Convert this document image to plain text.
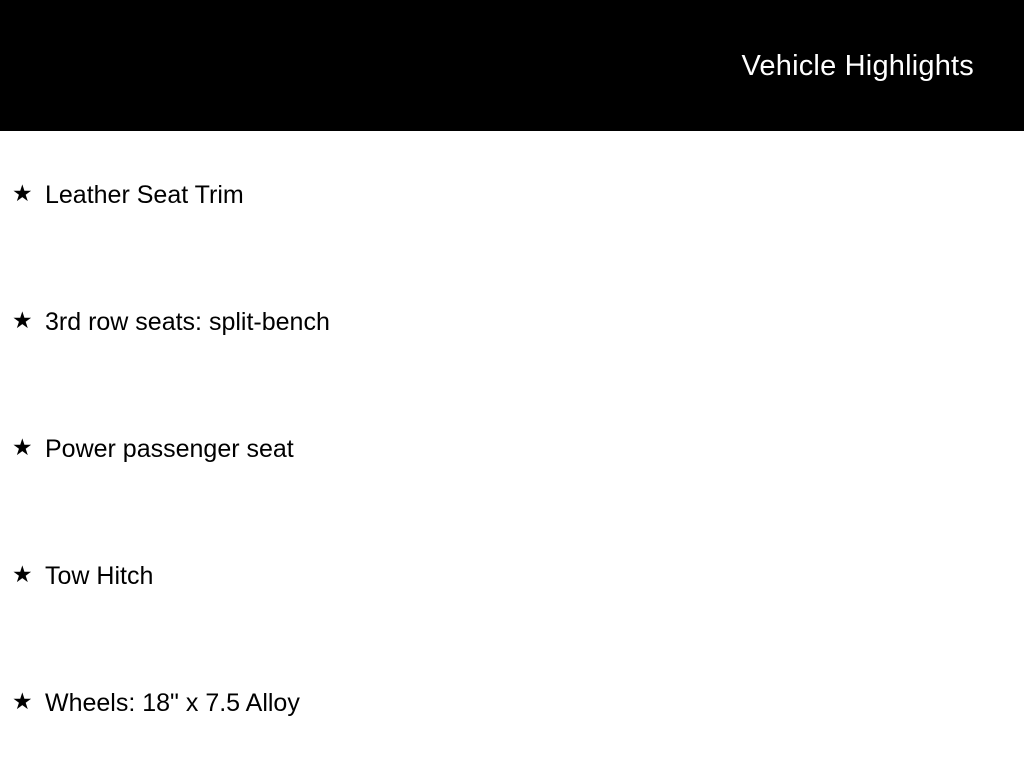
Vehicle Highlights
★ Leather Seat Trim
★ 3rd row seats: split-bench
★ Power passenger seat
★ Tow Hitch
★ Wheels: 18" x 7.5 Alloy
